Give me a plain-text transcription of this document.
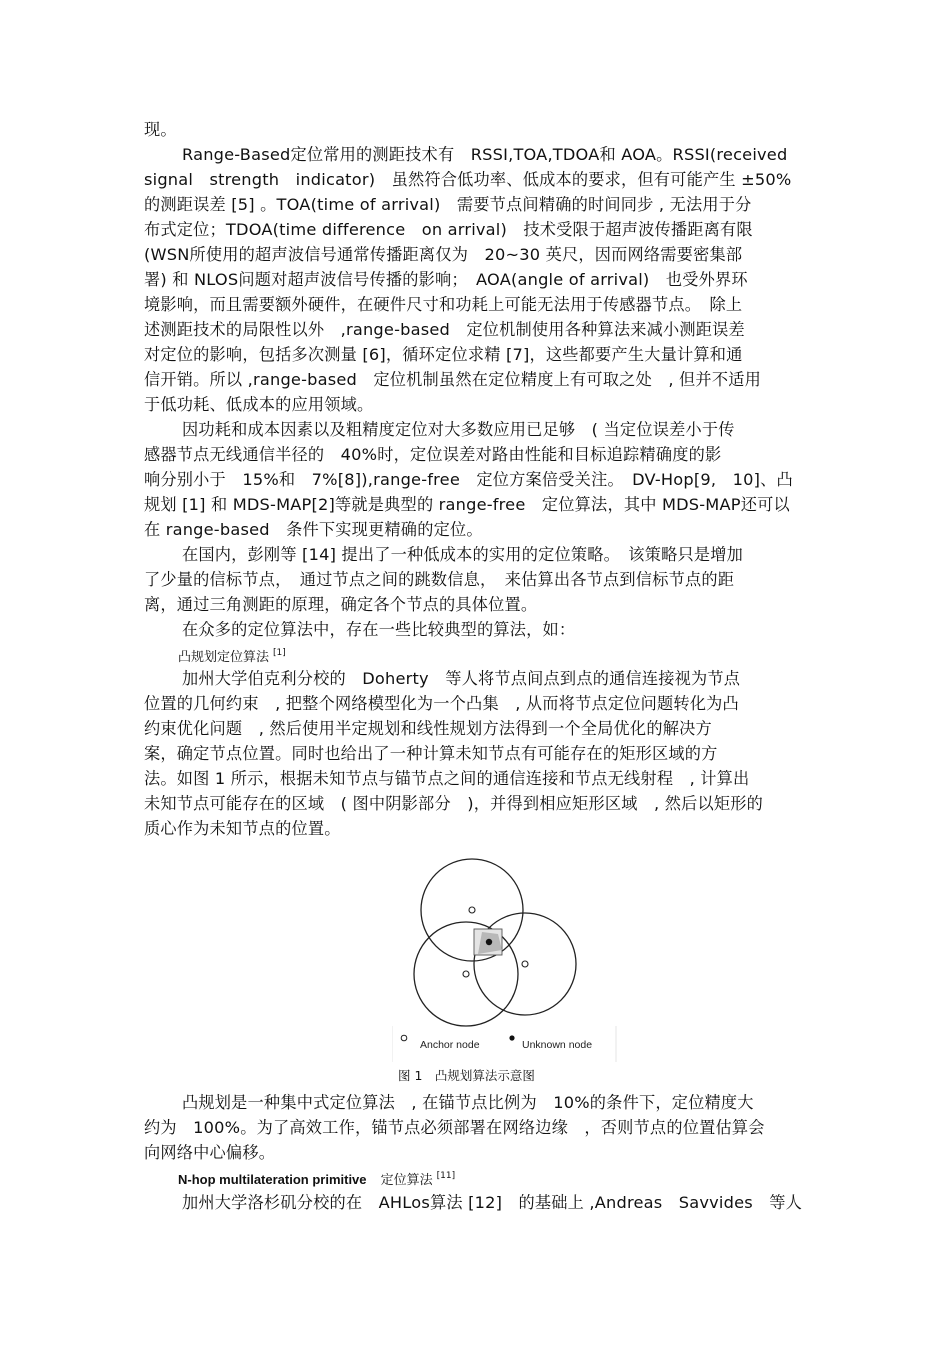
现。
Range-Based定位常用的测距技术有　RSSI,TOA,TDOA和 AOA。RSSI(received
signal　strength　indicator)　虽然符合低功率、低成本的要求，但有可能产生 ±50%
的测距误差 [5] 。TOA(time of arrival)　需要节点间精确的时间同步 , 无法用于分
布式定位；TDOA(time difference　on arrival)　技术受限于超声波传播距离有限
(WSN所使用的超声波信号通常传播距离仅为　20~30 英尺，因而网络需要密集部
署) 和 NLOS问题对超声波信号传播的影响；　AOA(angle of arrival)　也受外界环
境影响，而且需要额外硬件，在硬件尺寸和功耗上可能无法用于传感器节点。　除上
述测距技术的局限性以外　,range-based　定位机制使用各种算法来减小测距误差
对定位的影响，包括多次测量 [6]，循环定位求精 [7]，这些都要产生大量计算和通
信开销。所以 ,range-based　定位机制虽然在定位精度上有可取之处　, 但并不适用
于低功耗、低成本的应用领域。
因功耗和成本因素以及粗精度定位对大多数应用已足够　( 当定位误差小于传
感器节点无线通信半径的　40%时，定位误差对路由性能和目标追踪精确度的影
响分别小于　15%和　7%[8]),range-free　定位方案倍受关注。　DV-Hop[9,　10]、凸
规划 [1] 和 MDS-MAP[2]等就是典型的 range-free　定位算法，其中 MDS-MAP还可以
在 range-based　条件下实现更精确的定位。
在国内，彭刚等 [14] 提出了一种低成本的实用的定位策略。　该策略只是增加
了少量的信标节点，　通过节点之间的跳数信息，　来估算出各节点到信标节点的距
离，通过三角测距的原理，确定各个节点的具体位置。
在众多的定位算法中，存在一些比较典型的算法，如：
凸规划定位算法 [1]
加州大学伯克利分校的　Doherty　等人将节点间点到点的通信连接视为节点
位置的几何约束　, 把整个网络模型化为一个凸集　, 从而将节点定位问题转化为凸
约束优化问题　, 然后使用半定规划和线性规划方法得到一个全局优化的解决方
案，确定节点位置。同时也给出了一种计算未知节点有可能存在的矩形区域的方
法。如图 1 所示，根据未知节点与锚节点之间的通信连接和节点无线射程　, 计算出
未知节点可能存在的区域　( 图中阴影部分　)，并得到相应矩形区域　, 然后以矩形的
质心作为未知节点的位置。
Anchor node	Unknown node
图 1　凸规划算法示意图
凸规划是一种集中式定位算法　, 在锚节点比例为　10%的条件下，定位精度大
约为　100%。为了高效工作，锚节点必须部署在网络边缘　，否则节点的位置估算会
向网络中心偏移。
N-hop multilateration primitive 定位算法 [11]
加州大学洛杉矶分校的在　AHLos算法 [12]　的基础上 ,Andreas　Savvides　等人
